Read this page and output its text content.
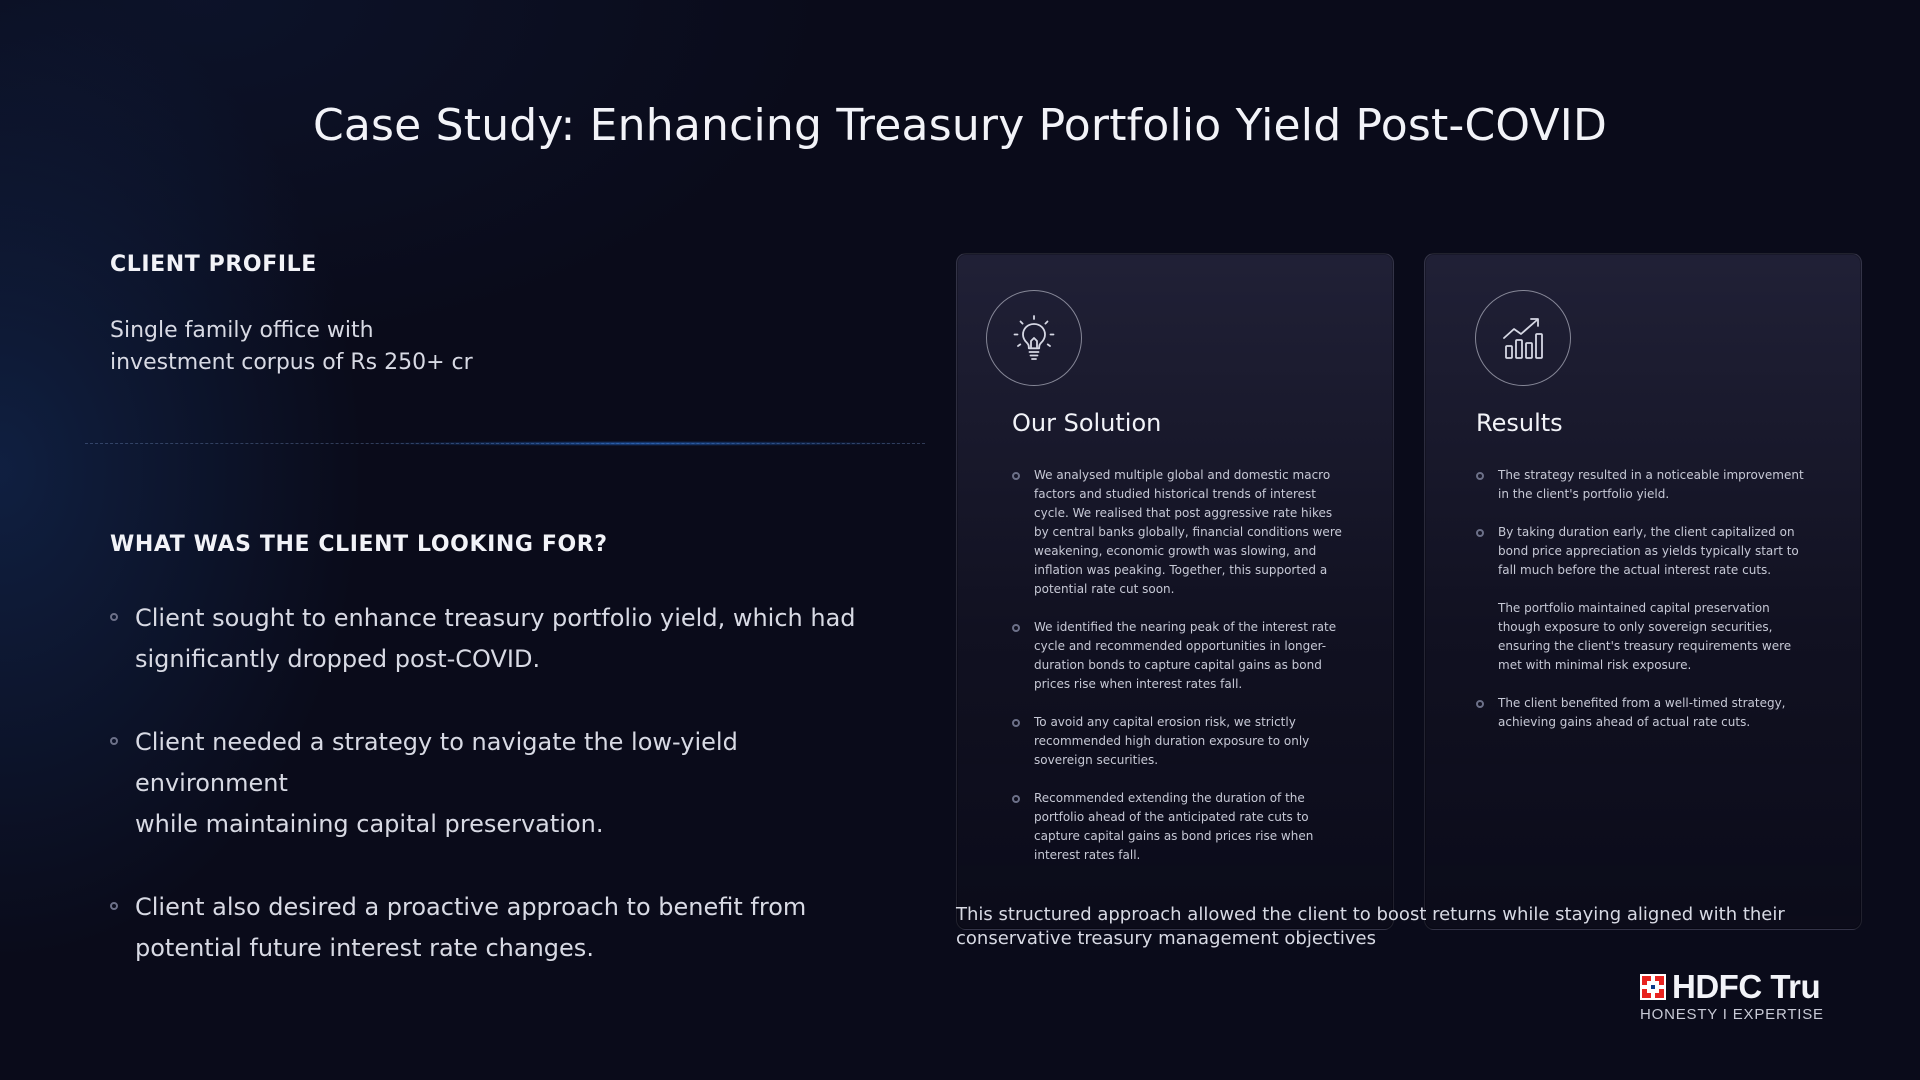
Case Study: Enhancing Treasury Portfolio Yield Post-COVID
CLIENT PROFILE
Single family office with
investment corpus of Rs 250+ cr
WHAT WAS THE CLIENT LOOKING FOR?
Client sought to enhance treasury portfolio yield, which had
significantly dropped post-COVID.
Client needed a strategy to navigate the low-yield environment
while maintaining capital preservation.
Client also desired a proactive approach to benefit from
potential future interest rate changes.
Our Solution
We analysed multiple global and domestic macro factors and studied historical trends of interest cycle. We realised that post aggressive rate hikes by central banks globally, financial conditions were weakening, economic growth was slowing, and inflation was peaking. Together, this supported a potential rate cut soon.
We identified the nearing peak of the interest rate cycle and recommended opportunities in longer-duration bonds to capture capital gains as bond prices rise when interest rates fall.
To avoid any capital erosion risk, we strictly recommended high duration exposure to only sovereign securities.
Recommended extending the duration of the portfolio ahead of the anticipated rate cuts to capture capital gains as bond prices rise when interest rates fall.
Results
The strategy resulted in a noticeable improvement in the client's portfolio yield.
By taking duration early, the client capitalized on bond price appreciation as yields typically start to fall much before the actual interest rate cuts.
The portfolio maintained capital preservation though exposure to only sovereign securities, ensuring the client's treasury requirements were met with minimal risk exposure.
The client benefited from a well-timed strategy, achieving gains ahead of actual rate cuts.
This structured approach allowed the client to boost returns while staying aligned with their conservative treasury management objectives
HDFC Tru
HONESTY I EXPERTISE
